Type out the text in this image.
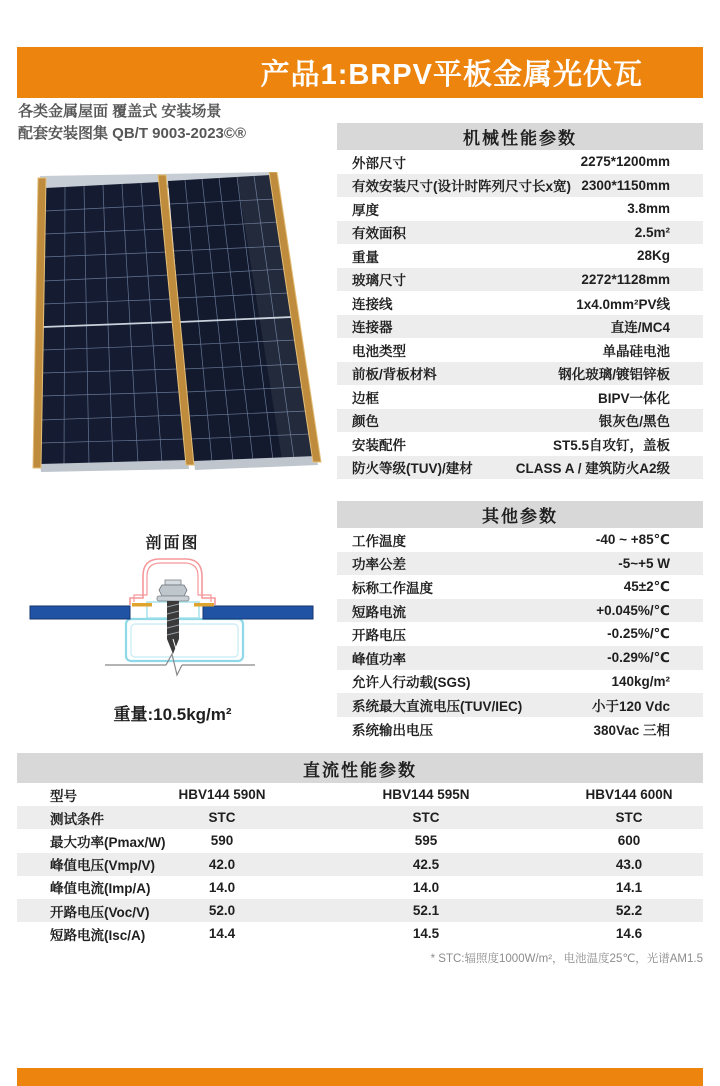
产品1:BRPV平板金属光伏瓦
各类金属屋面 覆盖式 安装场景
配套安装图集 QB/T 9003-2023©®	机械性能参数
外部尺寸	2275*1200mm
有效安装尺寸(设计时阵列尺寸长x宽) 2300*1150mm
厚度	3.8mm
有效面积	2.5m²
重量	28Kg
玻璃尺寸	2272*1128mm
连接线	1x4.0mm²PV线
连接器	直连/MC4
电池类型	单晶硅电池
前板/背板材料	钢化玻璃/镀铝锌板
边框	BIPV一体化
颜色	银灰色/黑色
安装配件	ST5.5自攻钉，盖板
防火等级(TUV)/建材	CLASS A / 建筑防火A2级
其他参数
工作温度	-40 ~ +85℃
功率公差	-5~+5 W
标称工作温度	45±2℃
短路电流	+0.045%/℃
开路电压	-0.25%/℃
峰值功率	-0.29%/℃
允许人行动载(SGS)	140kg/m²
系统最大直流电压(TUV/IEC)	小于120 Vdc
系统输出电压	380Vac 三相
剖面图
重量:10.5kg/m²
直流性能参数
型号	HBV144 590N	HBV144 595N	HBV144 600N
测试条件	STC	STC	STC
最大功率(Pmax/W)	590	595	600
峰值电压(Vmp/V)	42.0	42.5	43.0
峰值电流(Imp/A)	14.0	14.0	14.1
开路电压(Voc/V)	52.0	52.1	52.2
短路电流(Isc/A)	14.4	14.5	14.6
* STC:辐照度1000W/m²，电池温度25℃，光谱AM1.5
